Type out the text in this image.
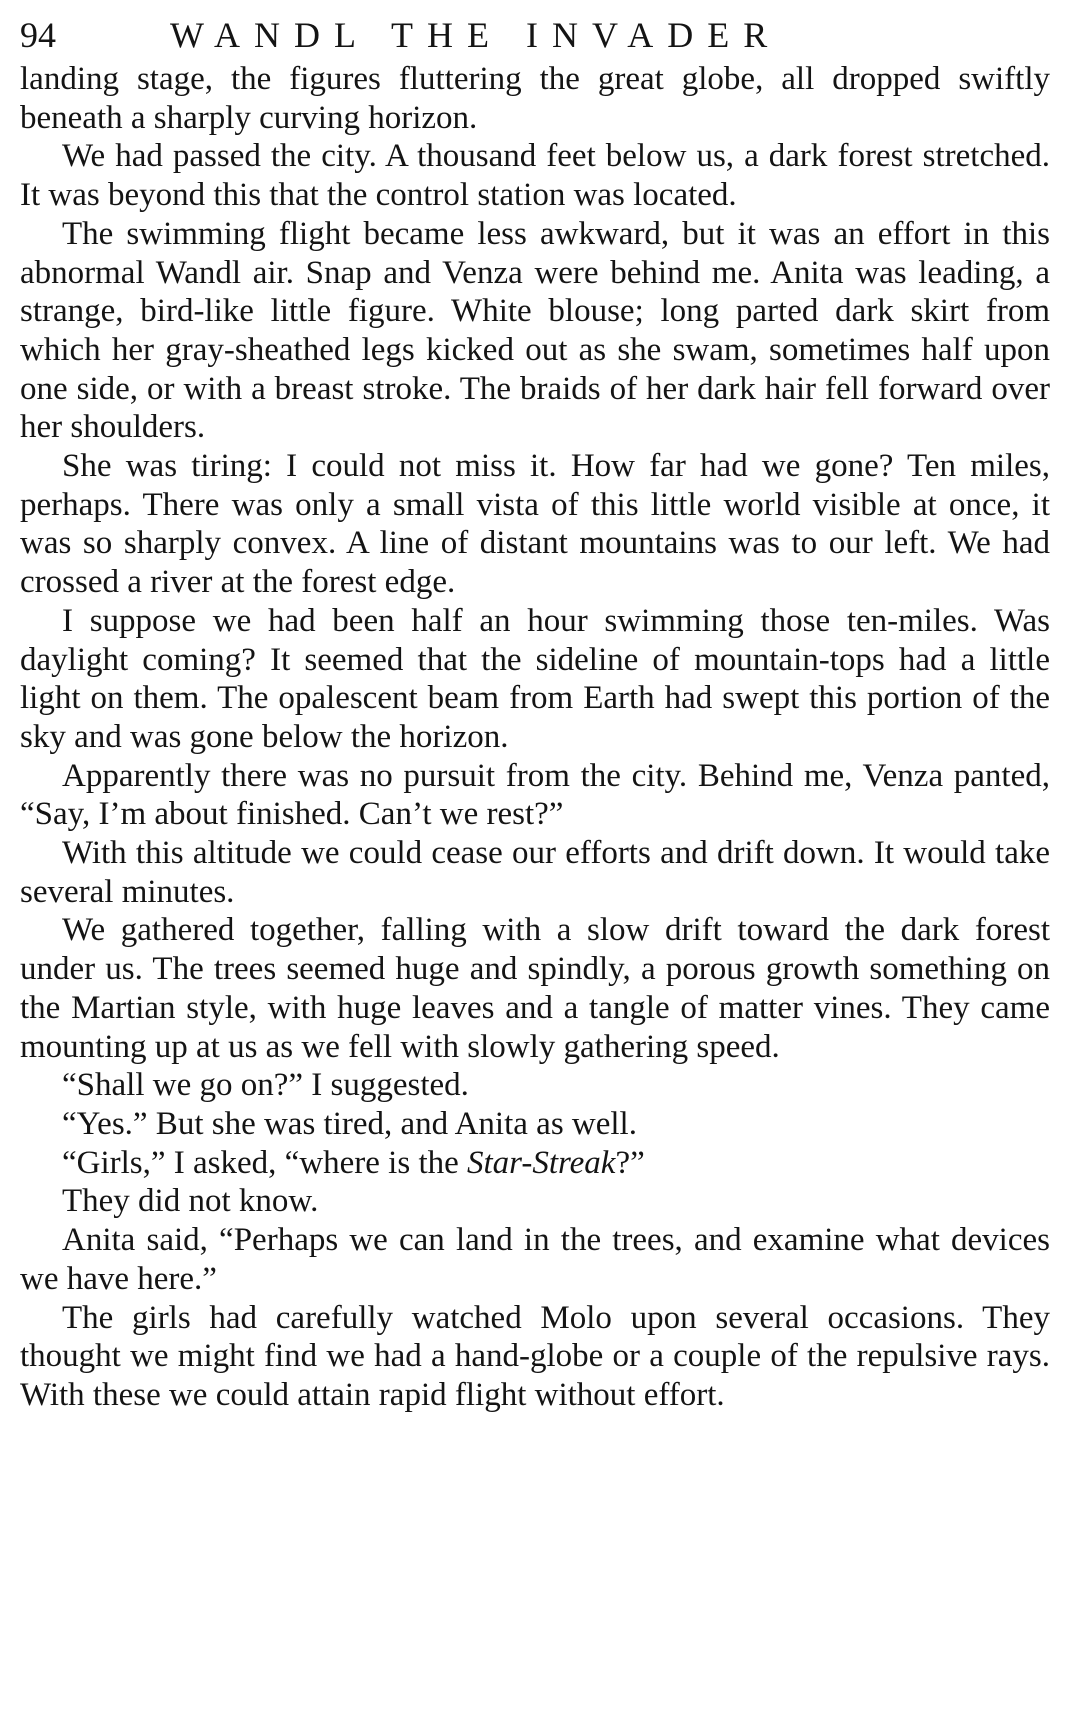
94	WANDL THE INVADER

landing stage, the figures fluttering the great globe, all dropped swiftly beneath a sharply curving horizon.

We had passed the city. A thousand feet below us, a dark forest stretched. It was beyond this that the control station was located.

The swimming flight became less awkward, but it was an effort in this abnormal Wandl air. Snap and Venza were behind me. Anita was leading, a strange, bird-like little figure. White blouse; long parted dark skirt from which her gray-sheathed legs kicked out as she swam, sometimes half upon one side, or with a breast stroke. The braids of her dark hair fell forward over her shoulders.

She was tiring: I could not miss it. How far had we gone? Ten miles, perhaps. There was only a small vista of this little world visible at once, it was so sharply convex. A line of distant mountains was to our left. We had crossed a river at the forest edge.

I suppose we had been half an hour swimming those ten-miles. Was daylight coming? It seemed that the sideline of mountain-tops had a little light on them. The opalescent beam from Earth had swept this portion of the sky and was gone below the horizon.

Apparently there was no pursuit from the city. Behind me, Venza panted, “Say, I’m about finished. Can’t we rest?”

With this altitude we could cease our efforts and drift down. It would take several minutes.

We gathered together, falling with a slow drift toward the dark forest under us. The trees seemed huge and spindly, a porous growth something on the Martian style, with huge leaves and a tangle of matter vines. They came mounting up at us as we fell with slowly gathering speed.

“Shall we go on?” I suggested.

“Yes.” But she was tired, and Anita as well.

“Girls,” I asked, “where is the Star-Streak?”

They did not know.

Anita said, “Perhaps we can land in the trees, and examine what devices we have here.”

The girls had carefully watched Molo upon several occasions. They thought we might find we had a hand-globe or a couple of the repulsive rays. With these we could attain rapid flight without effort.
